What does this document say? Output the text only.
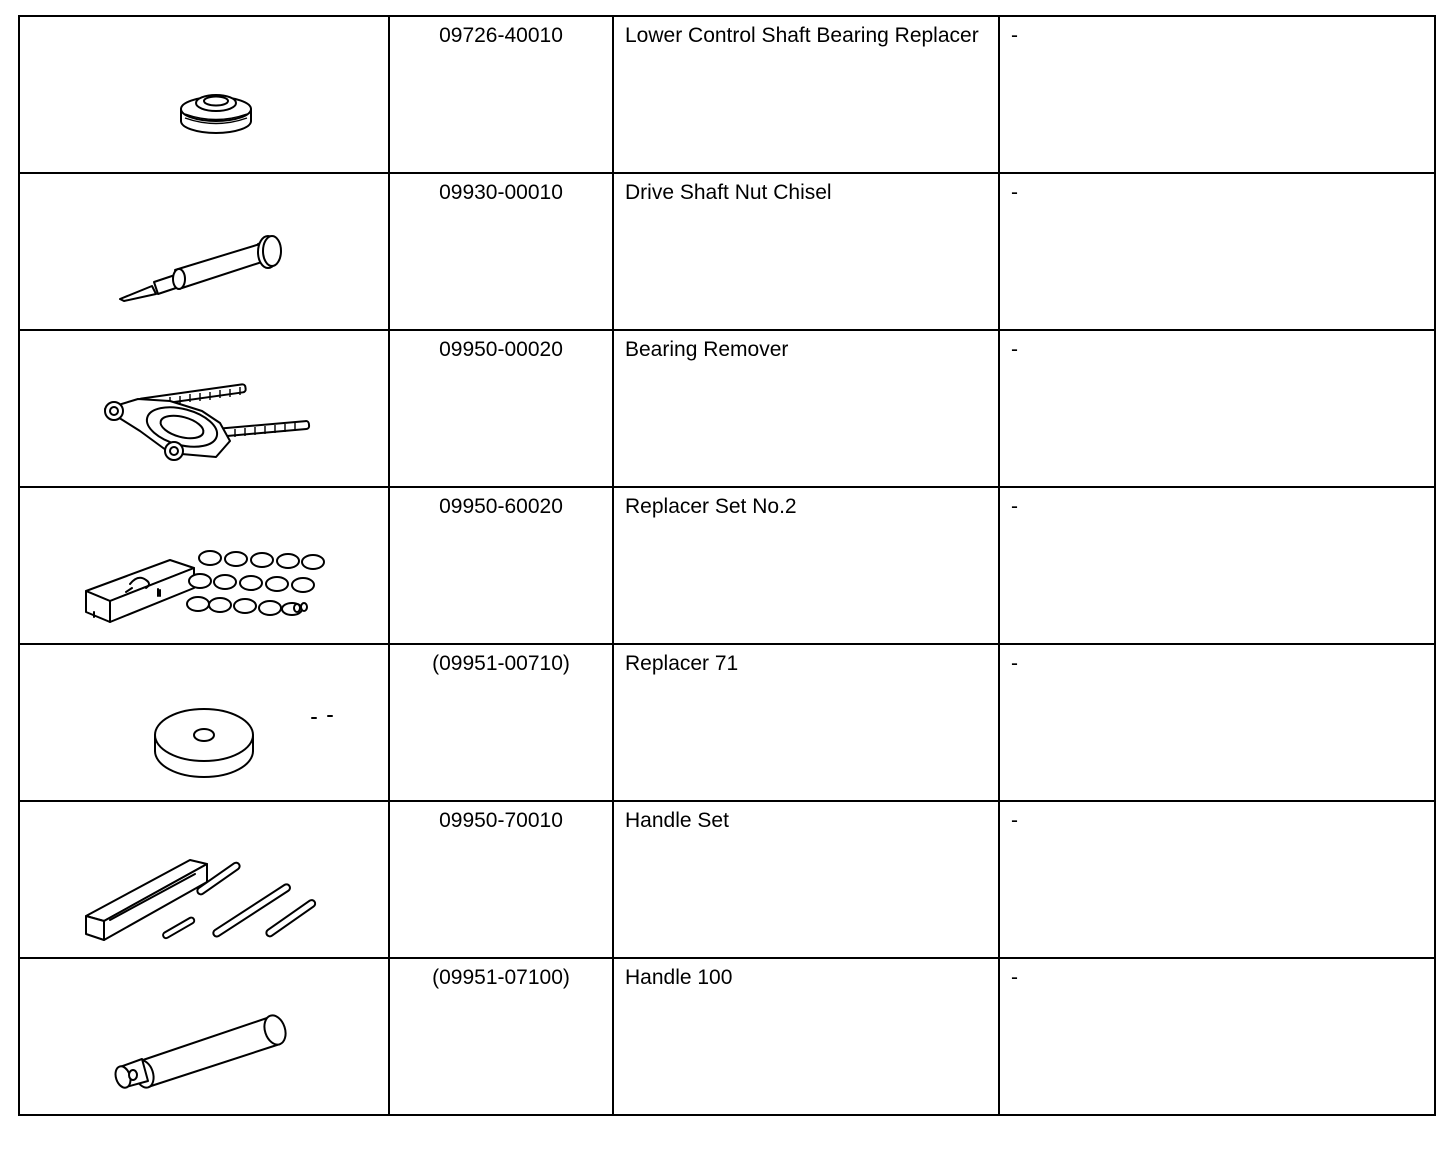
	09726-40010	Lower Control Shaft Bearing Replacer	-

	09930-00010	Drive Shaft Nut Chisel	-

	09950-00020	Bearing Remover	-

	09950-60020	Replacer Set No.2	-

	(09951-00710)	Replacer 71	-

	09950-70010	Handle Set	-

	(09951-07100)	Handle 100	-
